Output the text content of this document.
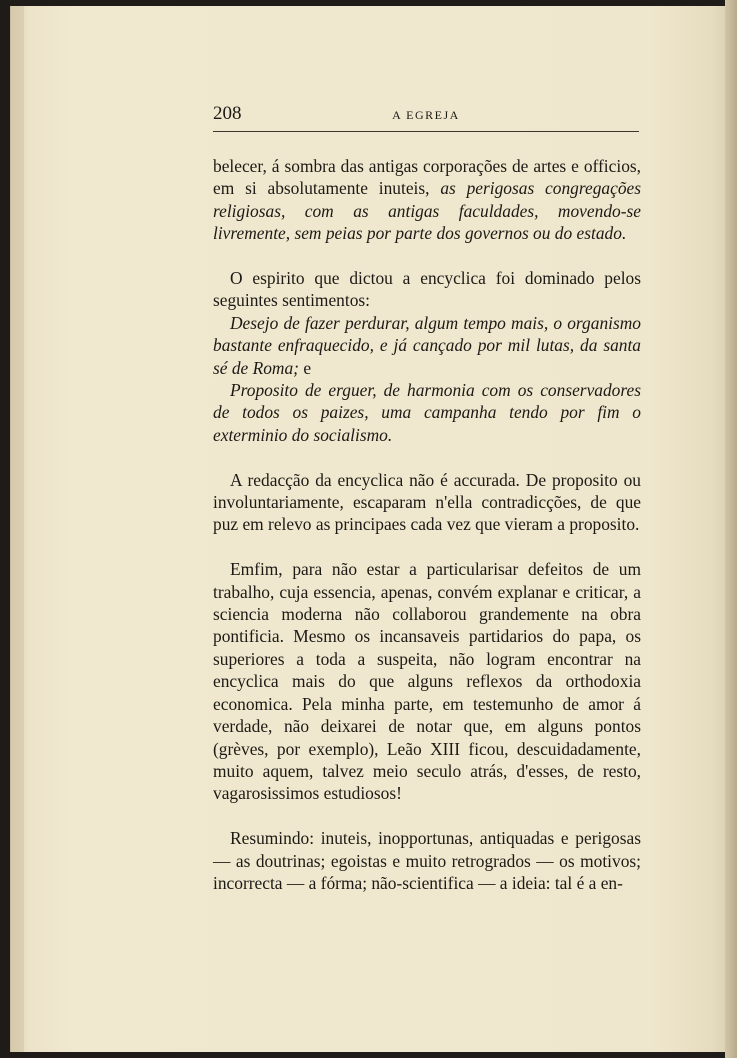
208	A EGREJA

belecer, á sombra das antigas corporações de artes e officios, em si absolutamente inuteis, as perigosas congregações religiosas, com as antigas faculdades, movendo-se livremente, sem peias por parte dos governos ou do estado.

O espirito que dictou a encyclica foi dominado pelos seguintes sentimentos:

Desejo de fazer perdurar, algum tempo mais, o organismo bastante enfraquecido, e já cançado por mil lutas, da santa sé de Roma; e

Proposito de erguer, de harmonia com os conservadores de todos os paizes, uma campanha tendo por fim o exterminio do socialismo.

A redacção da encyclica não é accurada. De proposito ou involuntariamente, escaparam n'ella contradicções, de que puz em relevo as principaes cada vez que vieram a proposito.

Emfim, para não estar a particularisar defeitos de um trabalho, cuja essencia, apenas, convém explanar e criticar, a sciencia moderna não collaborou grandemente na obra pontificia. Mesmo os incansaveis partidarios do papa, os superiores a toda a suspeita, não logram encontrar na encyclica mais do que alguns reflexos da orthodoxia economica. Pela minha parte, em testemunho de amor á verdade, não deixarei de notar que, em alguns pontos (grèves, por exemplo), Leão XIII ficou, descuidadamente, muito aquem, talvez meio seculo atrás, d'esses, de resto, vagarosissimos estudiosos!

Resumindo: inuteis, inopportunas, antiquadas e perigosas — as doutrinas; egoistas e muito retrogrados — os motivos; incorrecta — a fórma; não-scientifica — a ideia: tal é a en-
